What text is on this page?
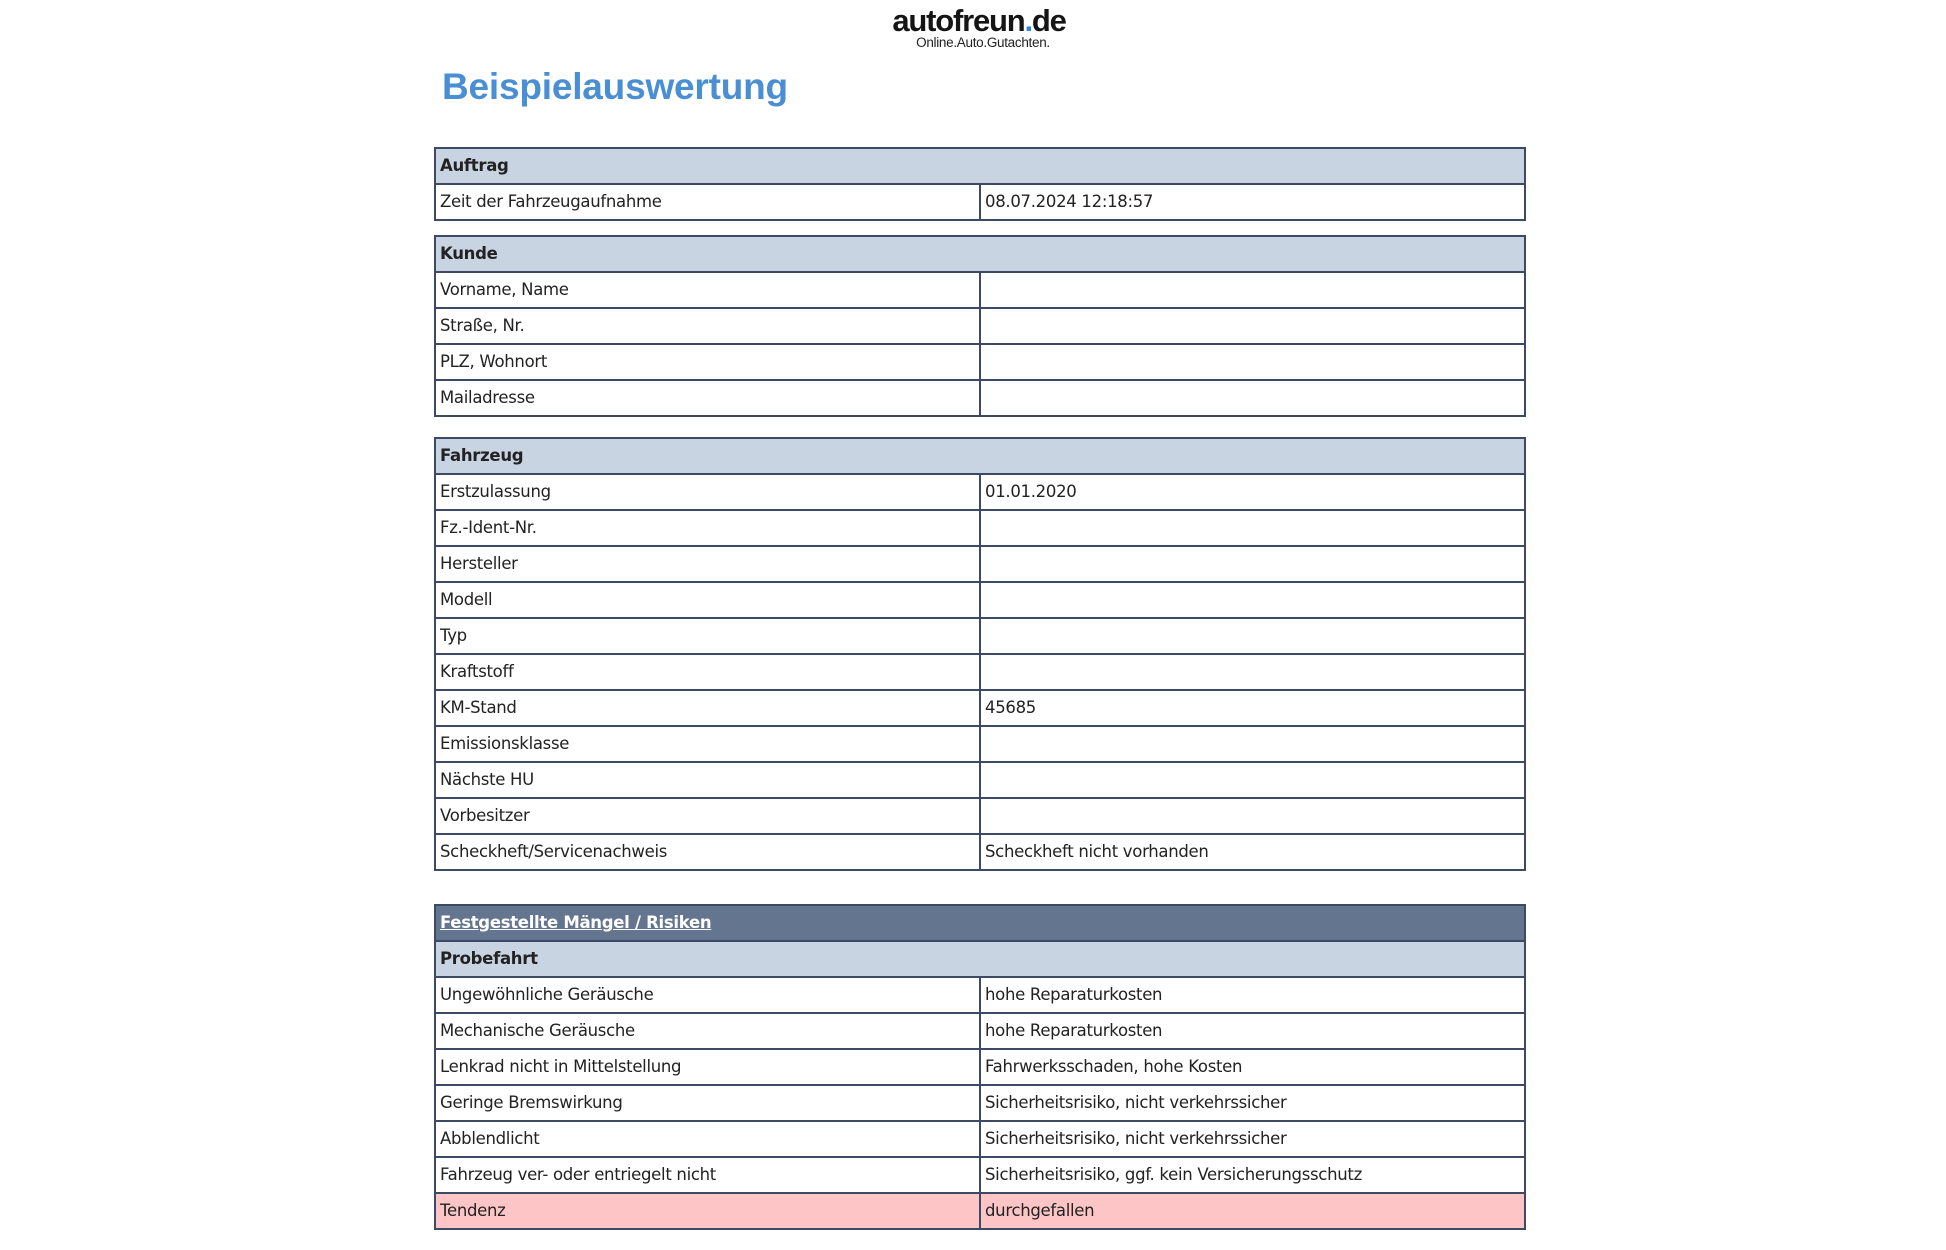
autofreun.de
Online.Auto.Gutachten.
Beispielauswertung
Auftrag
Zeit der Fahrzeugaufnahme	08.07.2024 12:18:57
Kunde	
Vorname, Name	
Straße, Nr.	
PLZ, Wohnort	
Mailadresse	
Fahrzeug	
Erstzulassung	01.01.2020
Fz.-Ident-Nr.	
Hersteller	
Modell	
Typ	
Kraftstoff	
KM-Stand	45685
Emissionsklasse	
Nächste HU	
Vorbesitzer	
Scheckheft/Servicenachweis	Scheckheft nicht vorhanden
Festgestellte Mängel / Risiken	
Probefahrt	
Ungewöhnliche Geräusche	hohe Reparaturkosten
Mechanische Geräusche	hohe Reparaturkosten
Lenkrad nicht in Mittelstellung	Fahrwerksschaden, hohe Kosten
Geringe Bremswirkung	Sicherheitsrisiko, nicht verkehrssicher
Abblendlicht	Sicherheitsrisiko, nicht verkehrssicher
Fahrzeug ver- oder entriegelt nicht	Sicherheitsrisiko, ggf. kein Versicherungsschutz
Tendenz	durchgefallen
